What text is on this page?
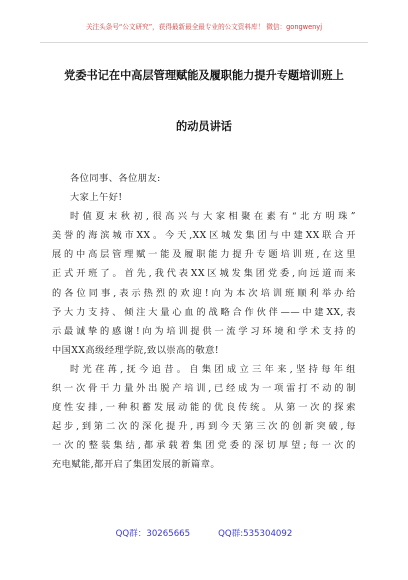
关注头条号“公文研究”，获得最新最全最专业的公文资料库！ 微信：gongwenyj
党委书记在中高层管理赋能及履职能力提升专题培训班上
的动员讲话
各位同事、各位朋友:
大家上午好!
时值夏末秋初,很高兴与大家相聚在素有“北方明珠”
美誉的海滨城市XX。今天,XX区城发集团与中建XX联合开
展的中高层管理赋一能及履职能力提升专题培训班,在这里
正式开班了。首先,我代表XX区城发集团党委,向远道而来
的各位同事,表示热烈的欢迎!向为本次培训班顺利举办给
予大力支持、倾注大量心血的战略合作伙伴——中建XX,表
示最诚挚的感谢!向为培训提供一流学习环境和学术支持的
中国XX高级经理学院,致以崇高的敬意!
时光荏苒,抚今追昔。自集团成立三年来,坚持每年组
织一次骨干力量外出脱产培训,已经成为一项雷打不动的制
度性安排,一种积蓄发展动能的优良传统。从第一次的探索
起步,到第二次的深化提升,再到今天第三次的创新突破,每
一次的整装集结,都承载着集团党委的深切厚望;每一次的
充电赋能,都开启了集团发展的新篇章。
QQ群：30265665	QQ群:535304092
